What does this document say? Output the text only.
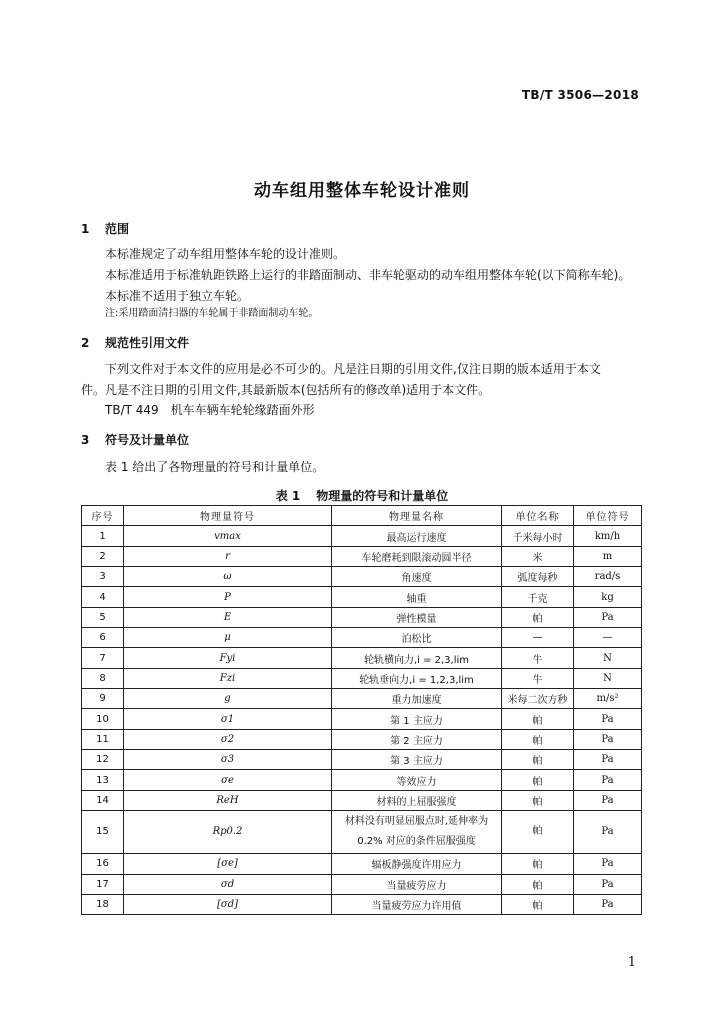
TB/T 3506—2018
动车组用整体车轮设计准则
1 范围
本标准规定了动车组用整体车轮的设计准则。
本标准适用于标准轨距铁路上运行的非踏面制动、非车轮驱动的动车组用整体车轮(以下简称车轮)。
本标准不适用于独立车轮。
注:采用踏面清扫器的车轮属于非踏面制动车轮。
2 规范性引用文件
下列文件对于本文件的应用是必不可少的。凡是注日期的引用文件,仅注日期的版本适用于本文
件。凡是不注日期的引用文件,其最新版本(包括所有的修改单)适用于本文件。
TB/T 449　机车车辆车轮轮缘踏面外形
3 符号及计量单位
表 1 给出了各物理量的符号和计量单位。
表 1 物理量的符号和计量单位
序号	物理量符号	物理量名称	单位名称	单位符号
1	vmax	最高运行速度	千米每小时	km/h
2	r	车轮磨耗到限滚动圆半径	米	m
3	ω	角速度	弧度每秒	rad/s
4	P	轴重	千克	kg
5	E	弹性模量	帕	Pa
6	μ	泊松比	—	—
7	Fyi	轮轨横向力,i = 2,3,lim	牛	N
8	Fzi	轮轨垂向力,i = 1,2,3,lim	牛	N
9	g	重力加速度	米每二次方秒	m/s²
10	σ1	第 1 主应力	帕	Pa
11	σ2	第 2 主应力	帕	Pa
12	σ3	第 3 主应力	帕	Pa
13	σe	等效应力	帕	Pa
14	ReH	材料的上屈服强度	帕	Pa
15	Rp0.2	材料没有明显屈服点时,延伸率为 0.2% 对应的条件屈服强度	帕	Pa
16	[σe]	辐板静强度许用应力	帕	Pa
17	σd	当量疲劳应力	帕	Pa
18	[σd]	当量疲劳应力许用值	帕	Pa
1
